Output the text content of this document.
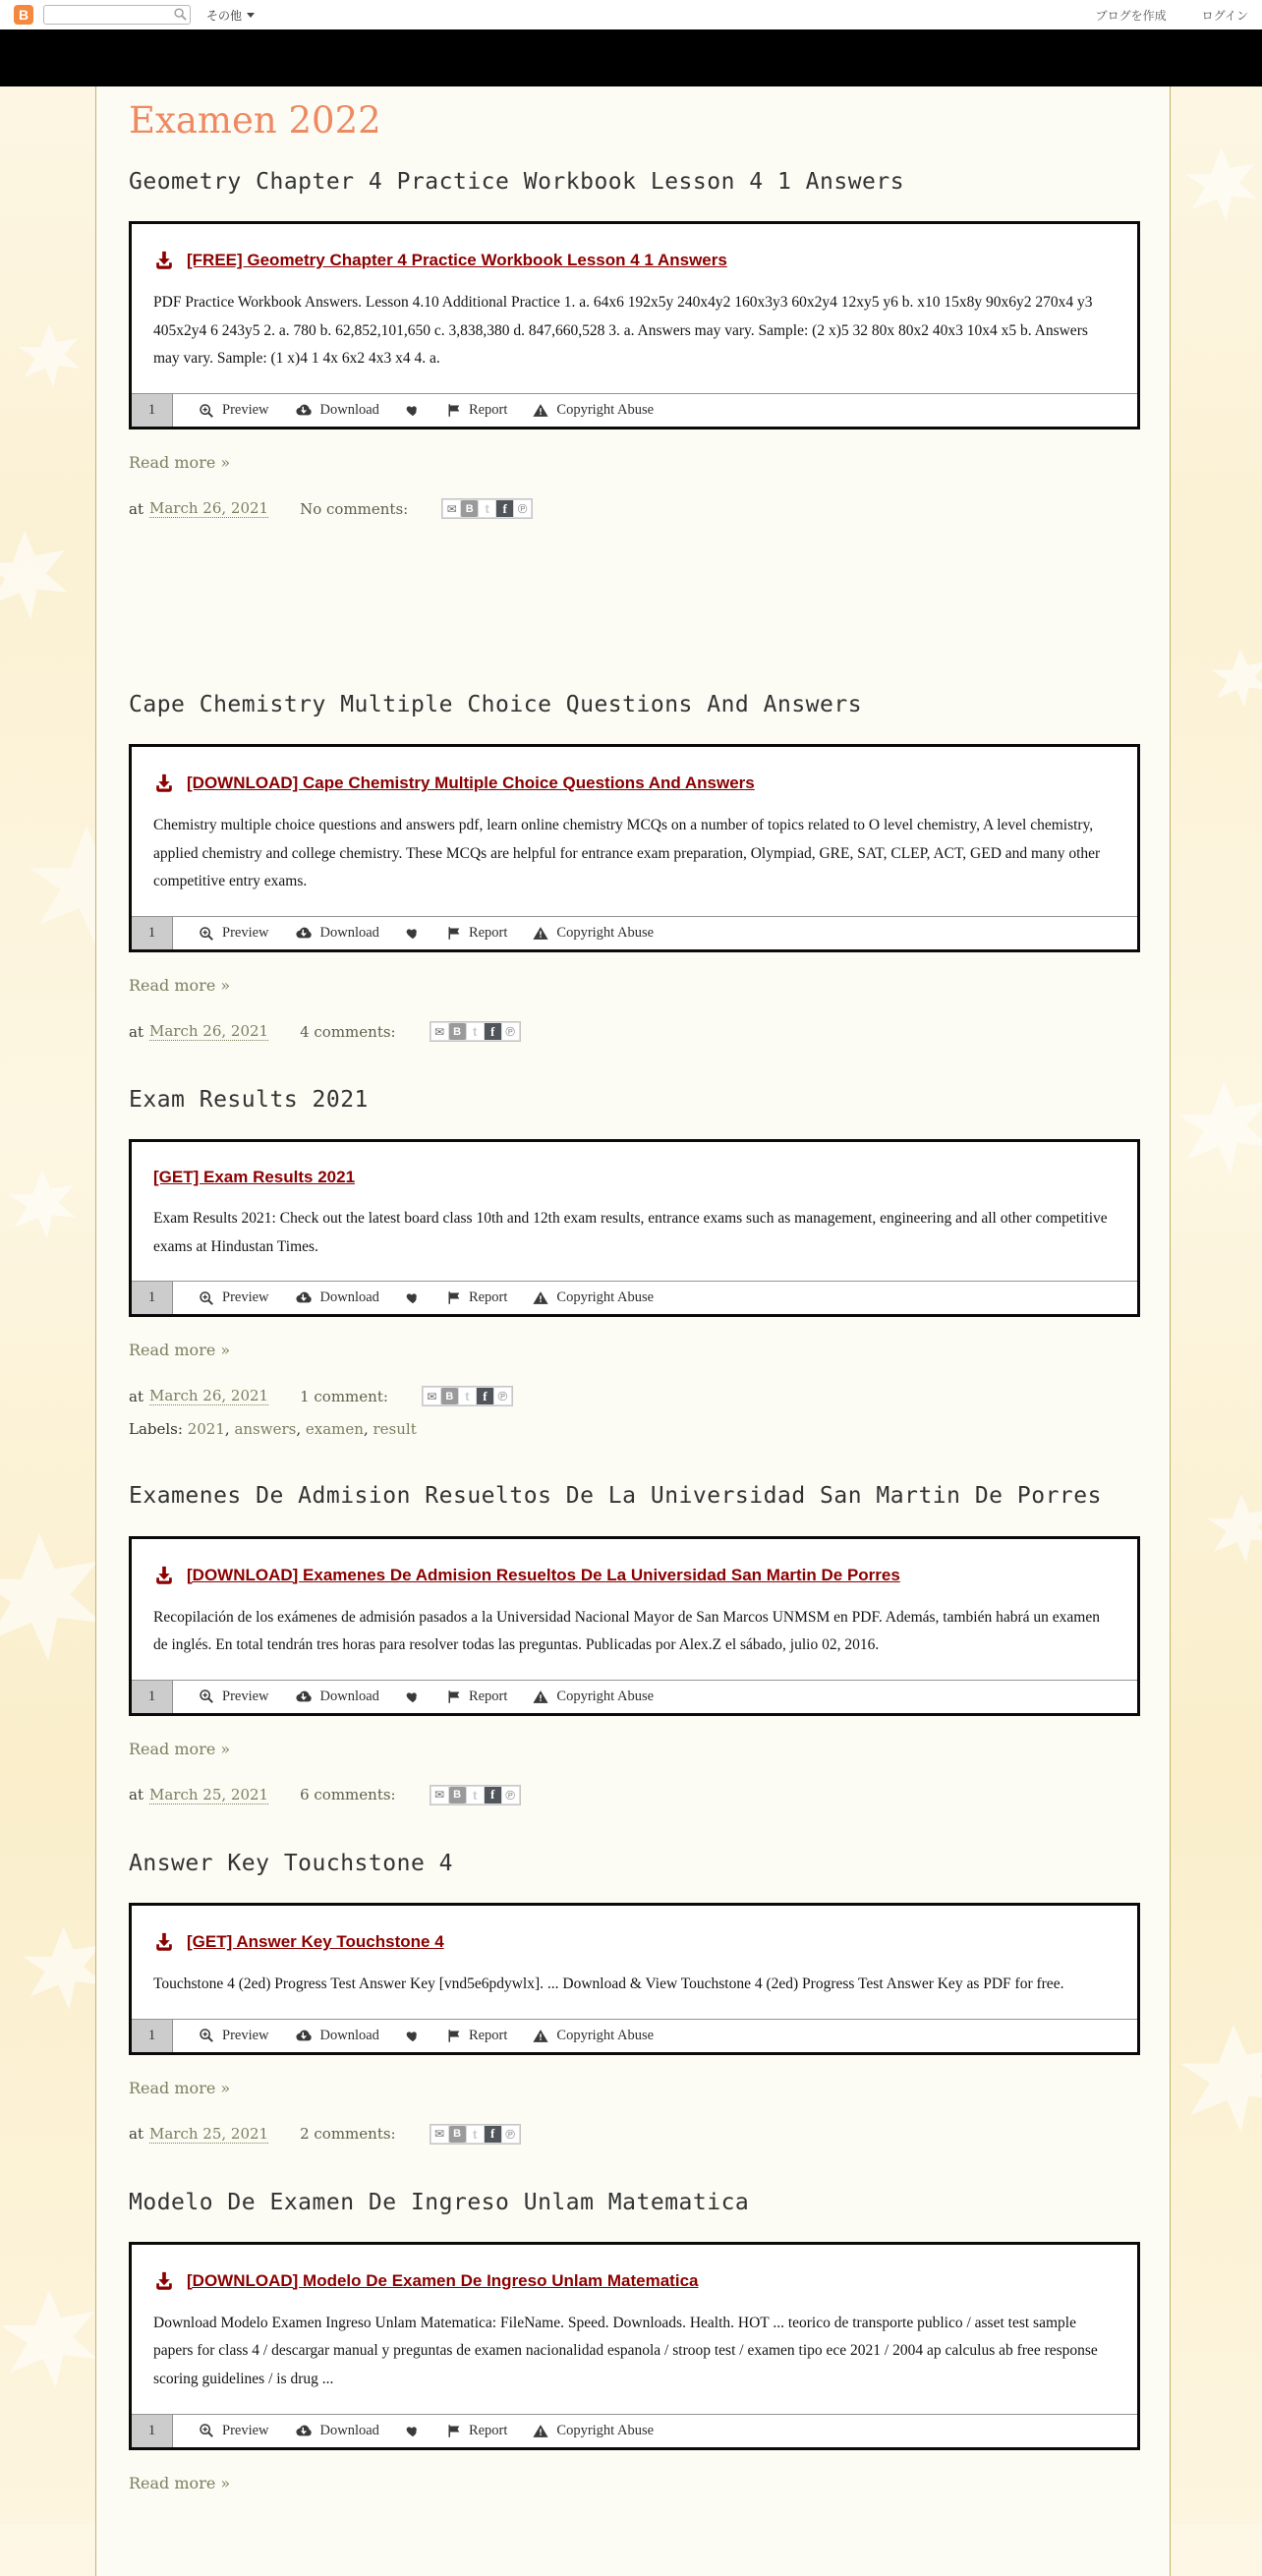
B	その他	ブログを作成	ログイン
Examen 2022
Geometry Chapter 4 Practice Workbook Lesson 4 1 Answers
[FREE] Geometry Chapter 4 Practice Workbook Lesson 4 1 Answers

PDF Practice Workbook Answers. Lesson 4.10 Additional Practice 1. a. 64x6 192x5y 240x4y2 160x3y3 60x2y4 12xy5 y6 b. x10 15x8y 90x6y2 270x4 y3 405x2y4 6 243y5 2. a. 780 b. 62,852,101,650 c. 3,838,380 d. 847,660,528 3. a. Answers may vary. Sample: (2 x)5 32 80x 80x2 40x3 10x4 x5 b. Answers may vary. Sample: (1 x)4 1 4x 6x2 4x3 x4 4. a.

1	Preview	Download	Report	Copyright Abuse
Read more »
at March 26, 2021 No comments:	✉ B t	f ℗
Cape Chemistry Multiple Choice Questions And Answers
[DOWNLOAD] Cape Chemistry Multiple Choice Questions And Answers

Chemistry multiple choice questions and answers pdf, learn online chemistry MCQs on a number of topics related to O level chemistry, A level chemistry, applied chemistry and college chemistry. These MCQs are helpful for entrance exam preparation, Olympiad, GRE, SAT, CLEP, ACT, GED and many other competitive entry exams.

1	Preview	Download	Report	Copyright Abuse
Read more »
at March 26, 2021 4 comments:	✉ B t	f ℗
Exam Results 2021
[GET] Exam Results 2021

Exam Results 2021: Check out the latest board class 10th and 12th exam results, entrance exams such as management, engineering and all other competitive exams at Hindustan Times.

1	Preview	Download	Report	Copyright Abuse
Read more »
at March 26, 2021 1 comment:	✉ B t	f ℗
Labels: 2021, answers, examen, result
Examenes De Admision Resueltos De La Universidad San Martin De Porres
[DOWNLOAD] Examenes De Admision Resueltos De La Universidad San Martin De Porres

Recopilación de los exámenes de admisión pasados a la Universidad Nacional Mayor de San Marcos UNMSM en PDF. Además, también habrá un examen de inglés. En total tendrán tres horas para resolver todas las preguntas. Publicadas por Alex.Z el sábado, julio 02, 2016.

1	Preview	Download	Report	Copyright Abuse
Read more »
at March 25, 2021 6 comments:	✉ B t	f ℗
Answer Key Touchstone 4
[GET] Answer Key Touchstone 4

Touchstone 4 (2ed) Progress Test Answer Key [vnd5e6pdywlx]. ... Download & View Touchstone 4 (2ed) Progress Test Answer Key as PDF for free.

1	Preview	Download	Report	Copyright Abuse
Read more »
at March 25, 2021 2 comments:	✉ B t	f ℗
Modelo De Examen De Ingreso Unlam Matematica
[DOWNLOAD] Modelo De Examen De Ingreso Unlam Matematica

Download Modelo Examen Ingreso Unlam Matematica: FileName. Speed. Downloads. Health. HOT ... teorico de transporte publico / asset test sample papers for class 4 / descargar manual y preguntas de examen nacionalidad espanola / stroop test / examen tipo ece 2021 / 2004 ap calculus ab free response scoring guidelines / is drug ...

1	Preview	Download	Report	Copyright Abuse
Read more »
